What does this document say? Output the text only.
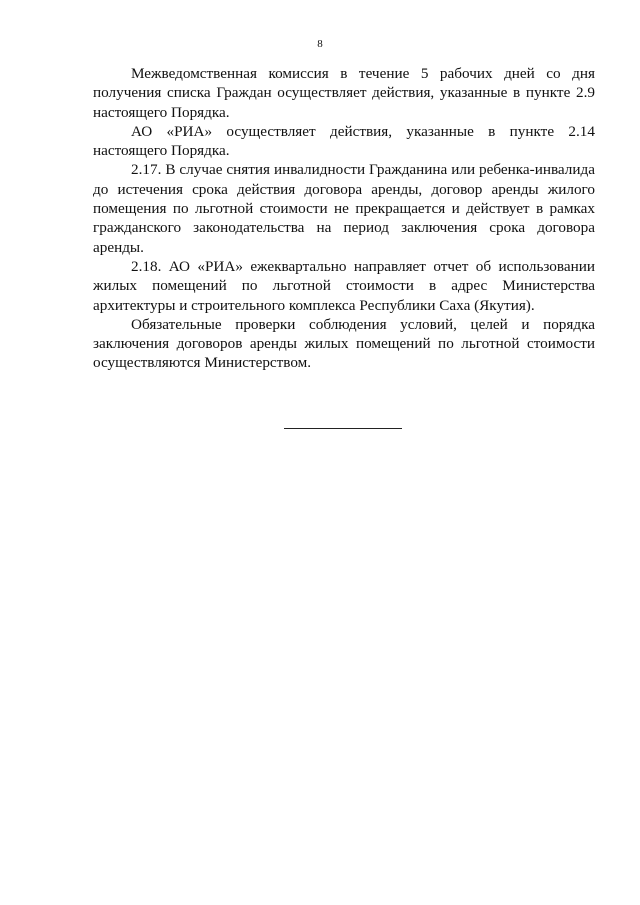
8

Межведомственная комиссия в течение 5 рабочих дней со дня получения списка Граждан осуществляет действия, указанные в пункте 2.9 настоящего Порядка.

АО «РИА» осуществляет действия, указанные в пункте 2.14 настоящего Порядка.

2.17. В случае снятия инвалидности Гражданина или ребенка-инвалида до истечения срока действия договора аренды, договор аренды жилого помещения по льготной стоимости не прекращается и действует в рамках гражданского законодательства на период заключения срока договора аренды.

2.18. АО «РИА» ежеквартально направляет отчет об использовании жилых помещений по льготной стоимости в адрес Министерства архитектуры и строительного комплекса Республики Саха (Якутия).

Обязательные проверки соблюдения условий, целей и порядка заключения договоров аренды жилых помещений по льготной стоимости осуществляются Министерством.
